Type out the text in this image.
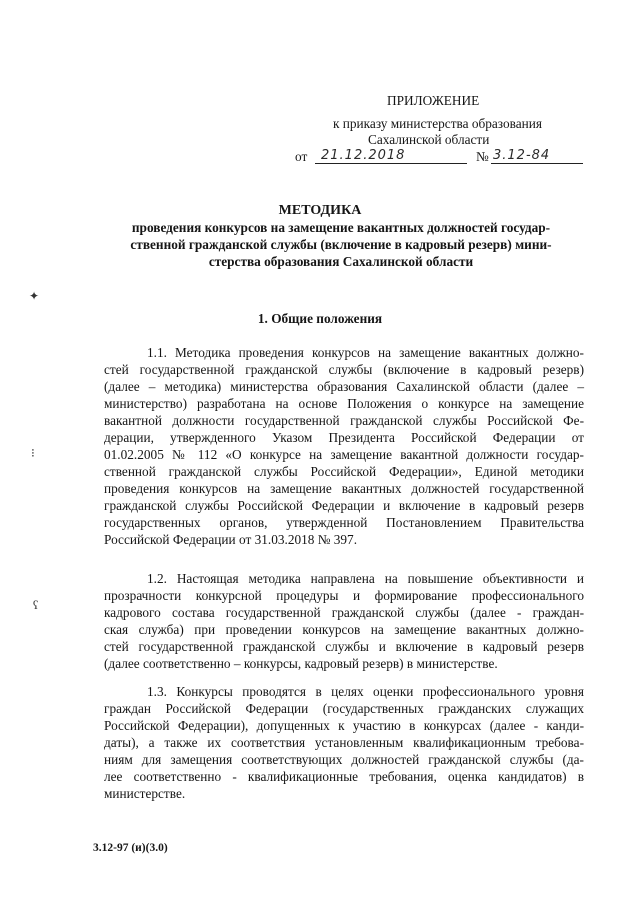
ПРИЛОЖЕНИЕ
к приказу министерства образования
Сахалинской области
от 21.12.2018	№ 3.12-84
МЕТОДИКА
проведения конкурсов на замещение вакантных должностей государ-
ственной гражданской службы (включение в кадровый резерв) мини-
стерства образования Сахалинской области
1. Общие положения
✦
⁝
ʕ
1.1. Методика проведения конкурсов на замещение вакантных должно-
стей государственной гражданской службы (включение в кадровый резерв)
(далее – методика) министерства образования Сахалинской области (далее –
министерство) разработана на основе Положения о конкурсе на замещение
вакантной должности государственной гражданской службы Российской Фе-
дерации, утвержденного Указом Президента Российской Федерации от
01.02.2005 № 112 «О конкурсе на замещение вакантной должности государ-
ственной гражданской службы Российской Федерации», Единой методики
проведения конкурсов на замещение вакантных должностей государственной
гражданской службы Российской Федерации и включение в кадровый резерв
государственных органов, утвержденной Постановлением Правительства
Российской Федерации от 31.03.2018 № 397.
1.2. Настоящая методика направлена на повышение объективности и
прозрачности конкурсной процедуры и формирование профессионального
кадрового состава государственной гражданской службы (далее - граждан-
ская служба) при проведении конкурсов на замещение вакантных должно-
стей государственной гражданской службы и включение в кадровый резерв
(далее соответственно – конкурсы, кадровый резерв) в министерстве.
1.3. Конкурсы проводятся в целях оценки профессионального уровня
граждан Российской Федерации (государственных гражданских служащих
Российской Федерации), допущенных к участию в конкурсах (далее - канди-
даты), а также их соответствия установленным квалификационным требова-
ниям для замещения соответствующих должностей гражданской службы (да-
лее соответственно - квалификационные требования, оценка кандидатов) в
министерстве.
3.12-97 (и)(3.0)
